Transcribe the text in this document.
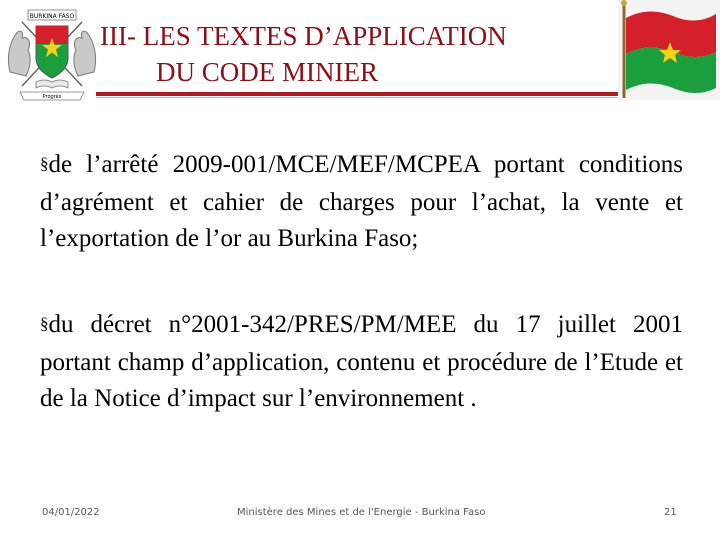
BURKINA FASO
Progrès
III- LES TEXTES D’APPLICATION
DU CODE MINIER
§de l’arrêté 2009-001/MCE/MEF/MCPEA portant conditions d’agrément et cahier de charges pour l’achat, la vente et l’exportation de l’or au Burkina Faso;
§du décret n°2001-342/PRES/PM/MEE du 17 juillet 2001 portant champ d’application, contenu et procédure de l’Etude et de la Notice d’impact sur l’environnement .
04/01/2022	Ministère des Mines et de l'Energie - Burkina Faso	21
